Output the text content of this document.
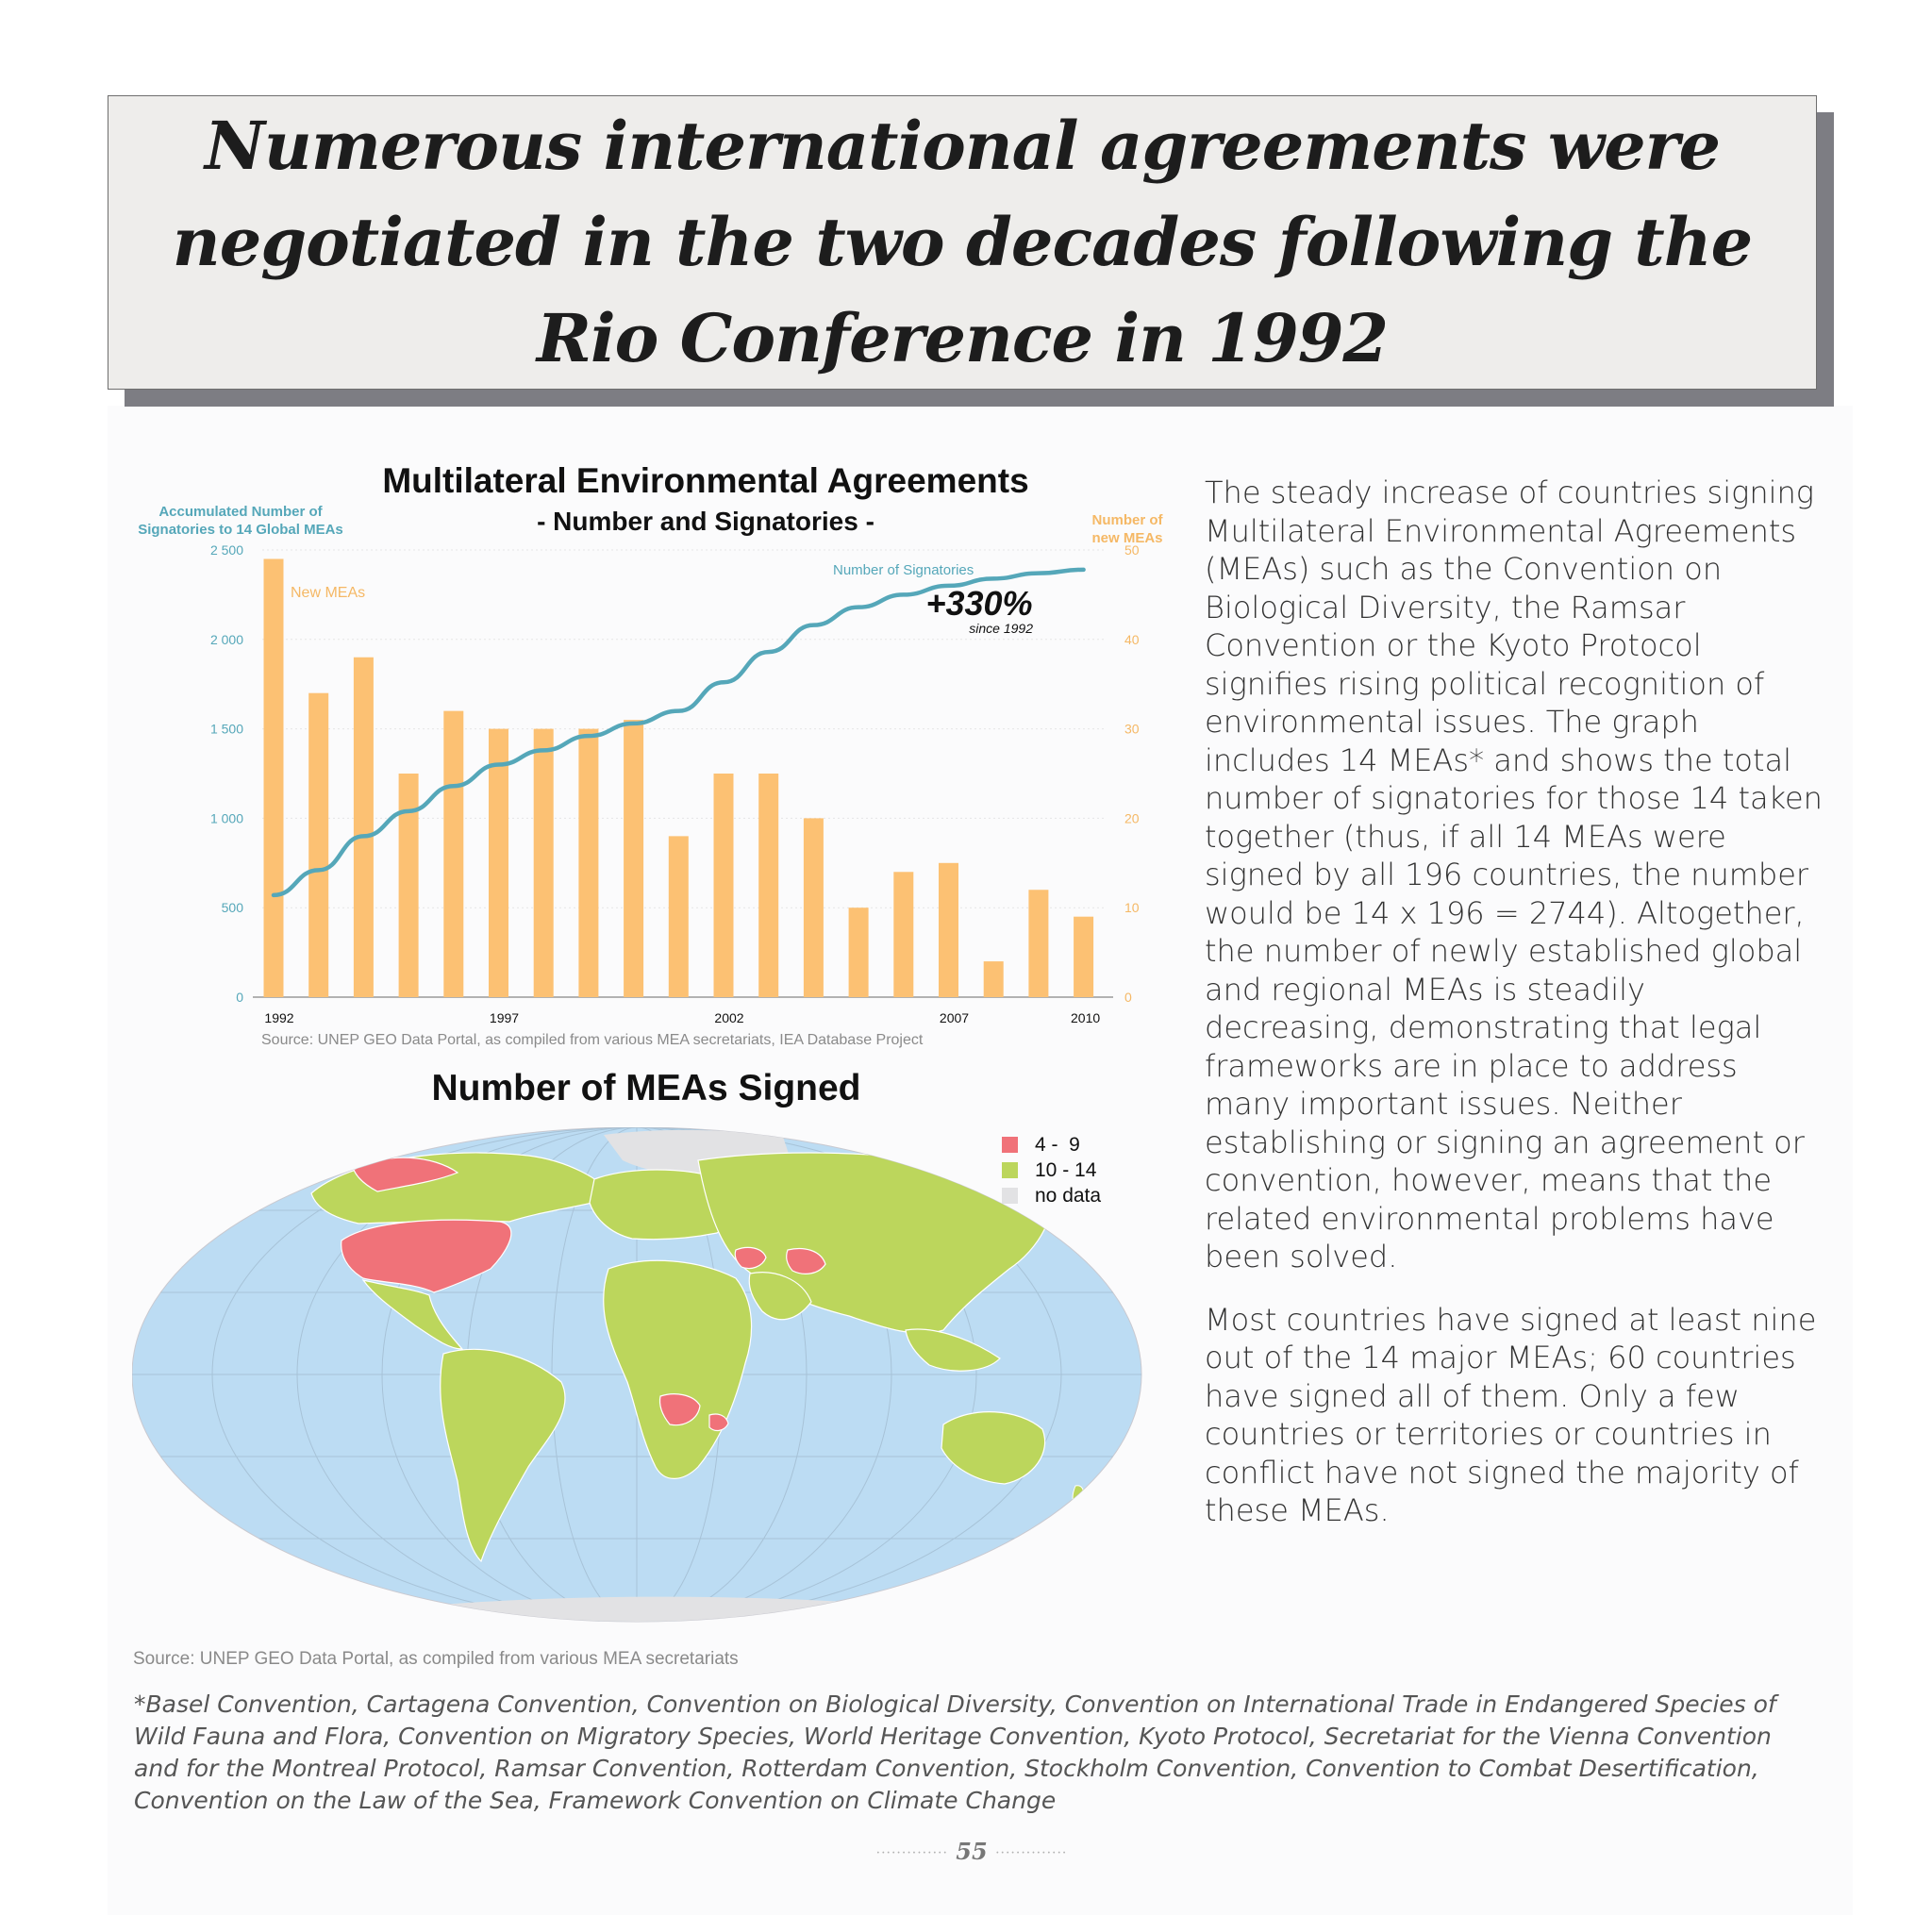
Numerous international agreements were negotiated in the two decades following the Rio Conference in 1992
Multilateral Environmental Agreements
- Number and Signatories -
Accumulated Number of Signatories to 14 Global MEAs
Number of new MEAs
0
500
1 000
1 500
2 000
2 500
0
10
20
30
40
50
1992	1997	2002	2007	2010
New MEAs
Number of Signatories
+330%
since 1992
Source: UNEP GEO Data Portal, as compiled from various MEA secretariats, IEA Database Project
Number of MEAs Signed
4 -  9
10 - 14
no data

The steady increase of countries signing Multilateral Environmental Agreements (MEAs) such as the Convention on Biological Diversity, the Ramsar Convention or the Kyoto Protocol signifies rising political recognition of environmental issues. The graph includes 14 MEAs* and shows the total number of signatories for those 14 taken together (thus, if all 14 MEAs were signed by all 196 countries, the number would be 14 x 196 = 2744). Altogether, the number of newly established global and regional MEAs is steadily decreasing, demonstrating that legal frameworks are in place to address many important issues. Neither establishing or signing an agreement or convention, however, means that the related environmental problems have been solved.

Most countries have signed at least nine out of the 14 major MEAs; 60 countries have signed all of them. Only a few countries or territories or countries in conflict have not signed the majority of these MEAs.

Source: UNEP GEO Data Portal, as compiled from various MEA secretariats
*Basel Convention, Cartagena Convention, Convention on Biological Diversity, Convention on International Trade in Endangered Species of Wild Fauna and Flora, Convention on Migratory Species, World Heritage Convention, Kyoto Protocol, Secretariat for the Vienna Convention and for the Montreal Protocol, Ramsar Convention, Rotterdam Convention, Stockholm Convention, Convention to Combat Desertification, Convention on the Law of the Sea, Framework Convention on Climate Change
·············· 55 ··············
